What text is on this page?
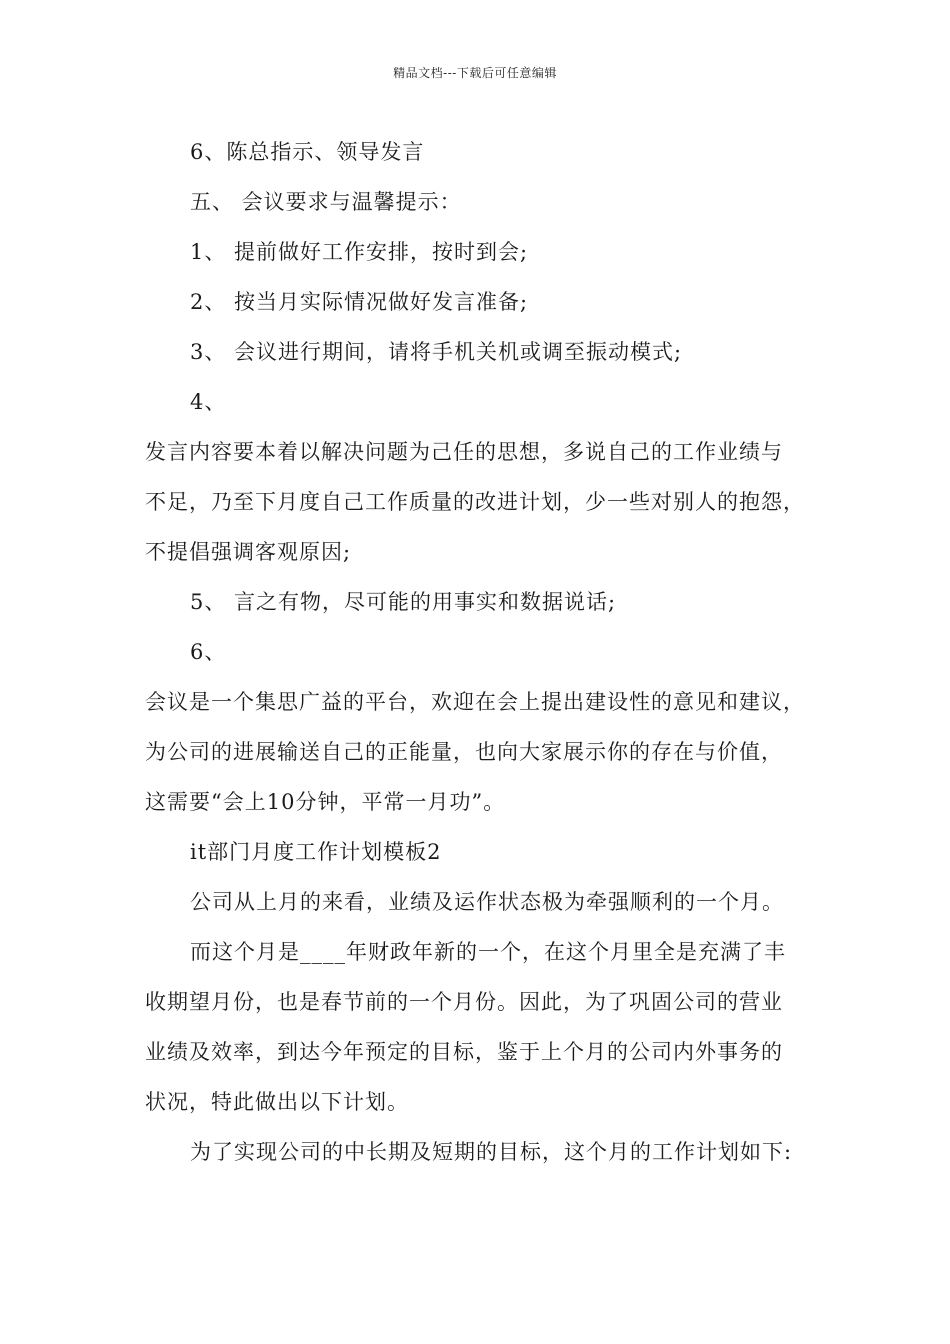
精品文档---下载后可任意编辑
6、陈总指示、领导发言
五、 会议要求与温馨提示：
1、 提前做好工作安排，按时到会;
2、 按当月实际情况做好发言准备;
3、 会议进行期间，请将手机关机或调至振动模式;
4、
发言内容要本着以解决问题为己任的思想，多说自己的工作业绩与
不足，乃至下月度自己工作质量的改进计划，少一些对别人的抱怨，
不提倡强调客观原因;
5、 言之有物，尽可能的用事实和数据说话;
6、
会议是一个集思广益的平台，欢迎在会上提出建设性的意见和建议，
为公司的进展输送自己的正能量，也向大家展示你的存在与价值，
这需要“会上10分钟，平常一月功”。
it部门月度工作计划模板2
公司从上月的来看，业绩及运作状态极为牵强顺利的一个月。
而这个月是____年财政年新的一个，在这个月里全是充满了丰
收期望月份，也是春节前的一个月份。因此，为了巩固公司的营业
业绩及效率，到达今年预定的目标，鉴于上个月的公司内外事务的
状况，特此做出以下计划。
为了实现公司的中长期及短期的目标，这个月的工作计划如下:
